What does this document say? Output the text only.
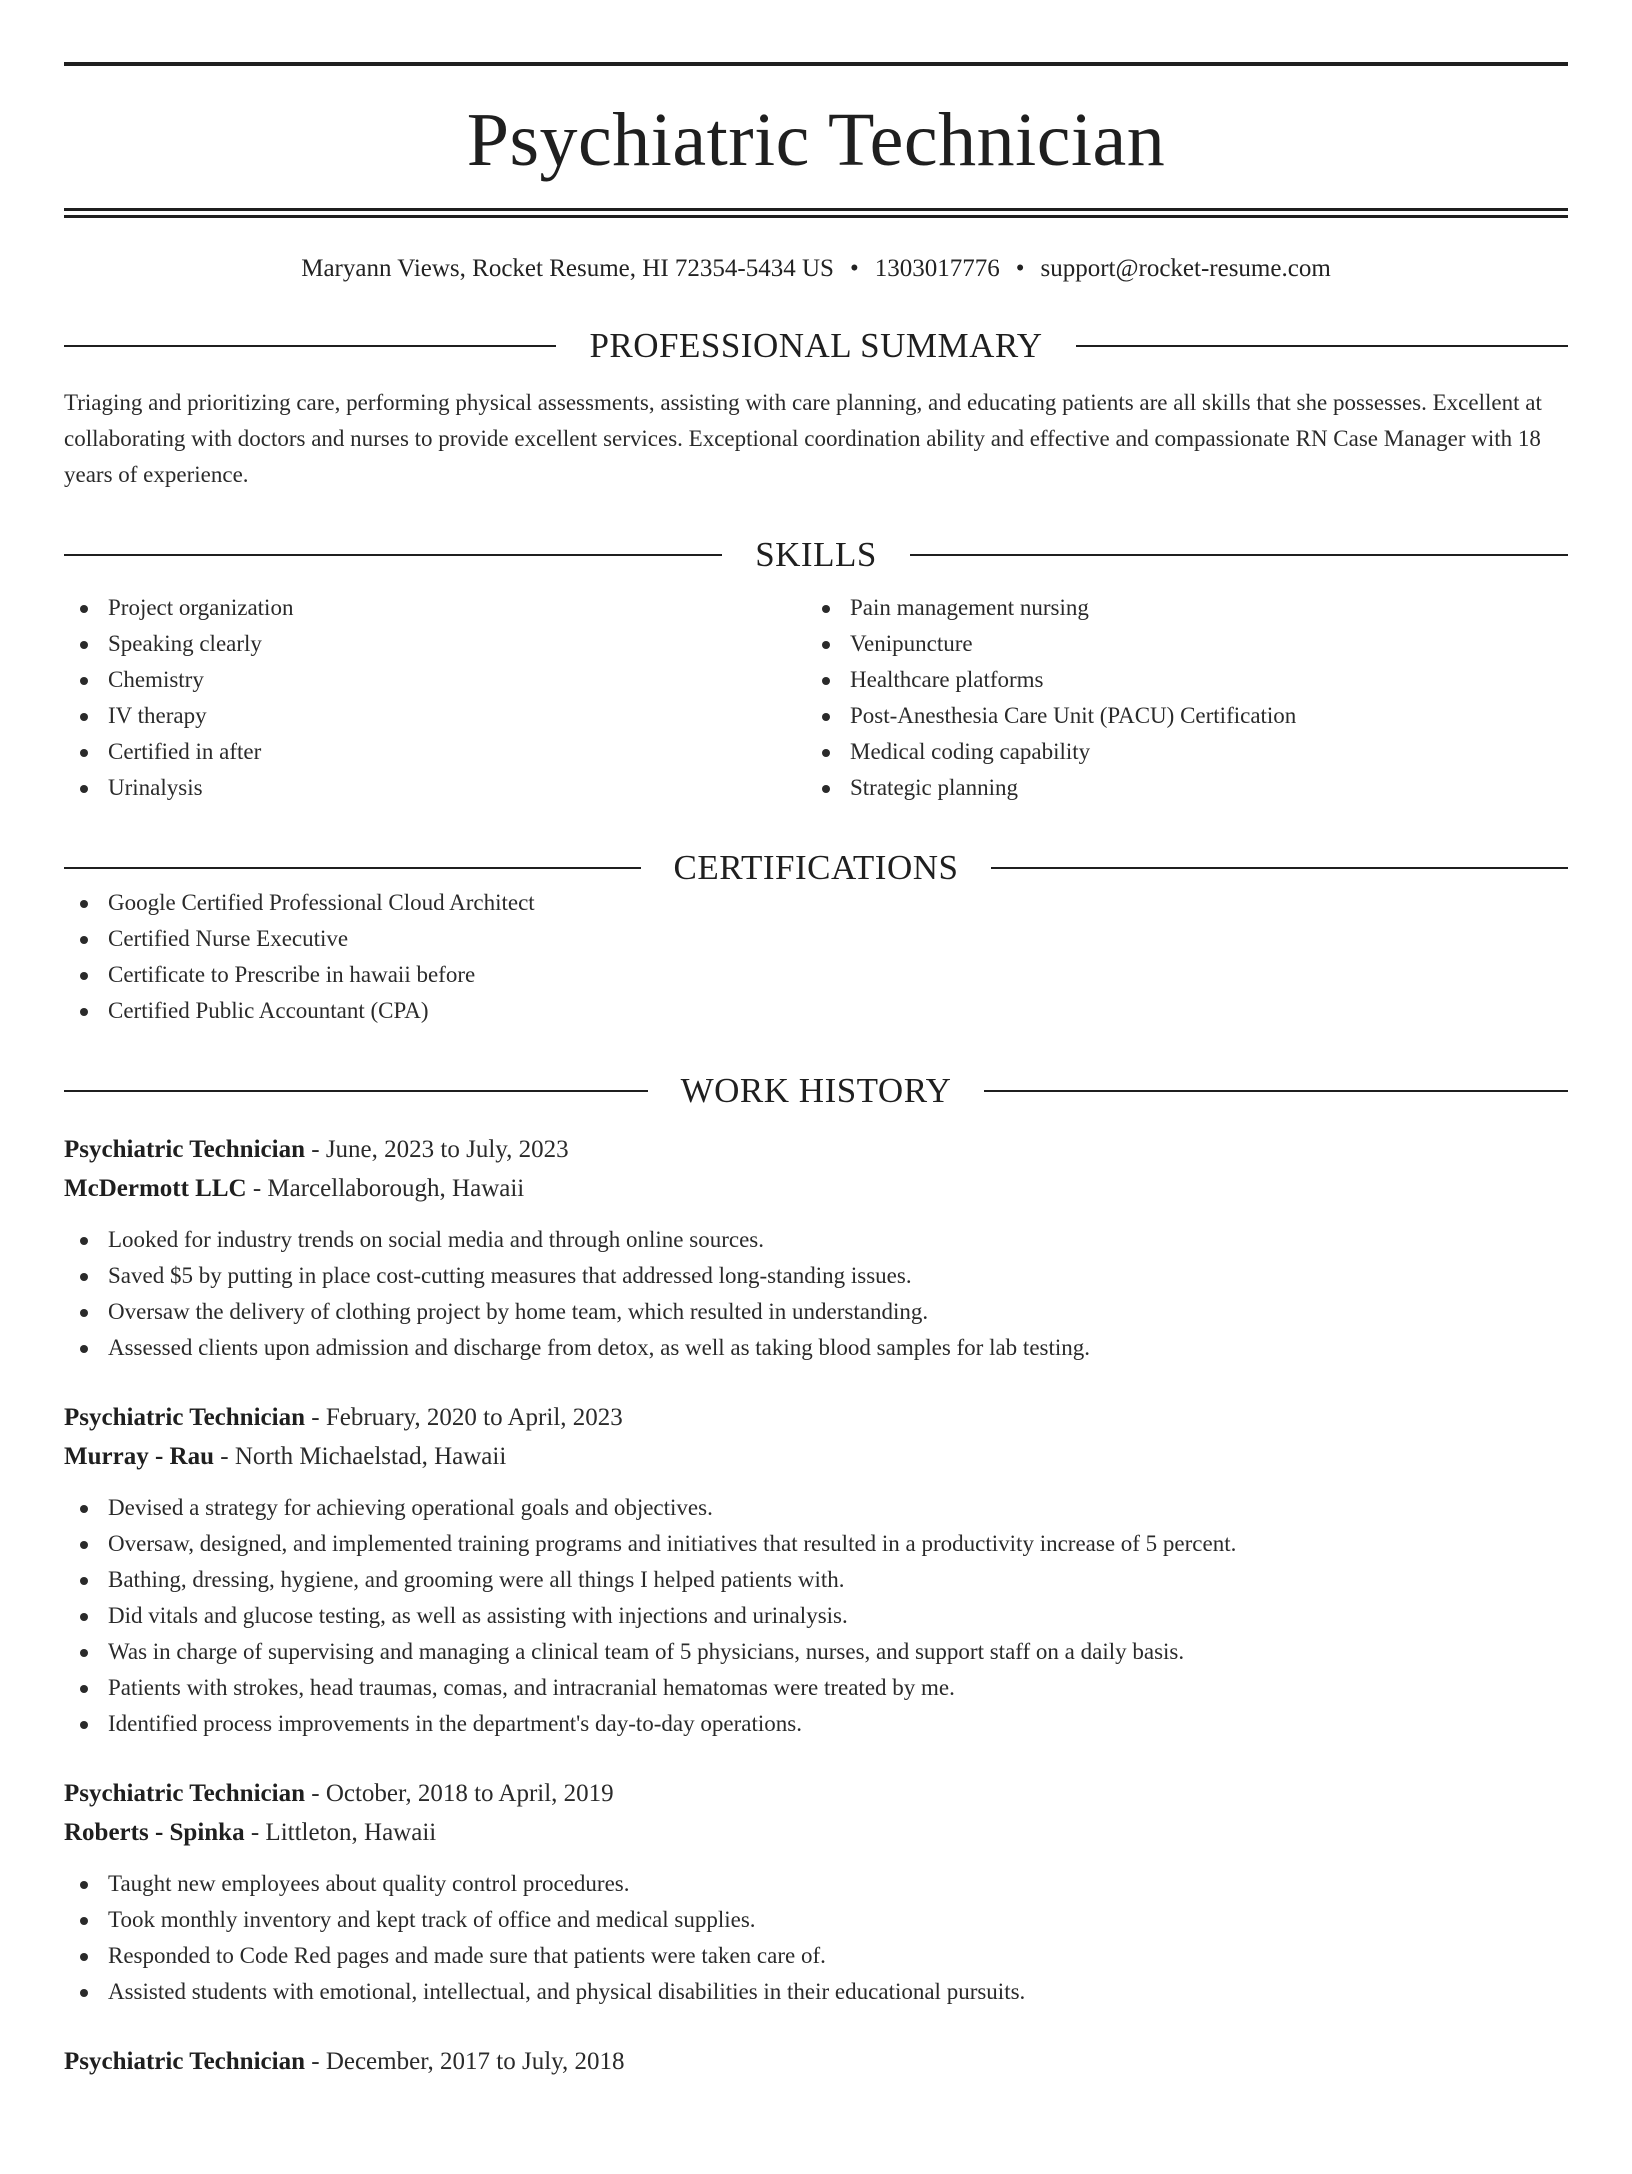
Psychiatric Technician
Maryann Views, Rocket Resume, HI 72354-5434 US • 1303017776 • support@rocket-resume.com
PROFESSIONAL SUMMARY
Triaging and prioritizing care, performing physical assessments, assisting with care planning, and educating patients are all skills that she possesses. Excellent at collaborating with doctors and nurses to provide excellent services. Exceptional coordination ability and effective and compassionate RN Case Manager with 18 years of experience.
SKILLS
Project organization
Speaking clearly
Chemistry
IV therapy
Certified in after
Urinalysis
Pain management nursing
Venipuncture
Healthcare platforms
Post-Anesthesia Care Unit (PACU) Certification
Medical coding capability
Strategic planning
CERTIFICATIONS
Google Certified Professional Cloud Architect
Certified Nurse Executive
Certificate to Prescribe in hawaii before
Certified Public Accountant (CPA)
WORK HISTORY
Psychiatric Technician - June, 2023 to July, 2023
McDermott LLC - Marcellaborough, Hawaii
Looked for industry trends on social media and through online sources.
Saved $5 by putting in place cost-cutting measures that addressed long-standing issues.
Oversaw the delivery of clothing project by home team, which resulted in understanding.
Assessed clients upon admission and discharge from detox, as well as taking blood samples for lab testing.
Psychiatric Technician - February, 2020 to April, 2023
Murray - Rau - North Michaelstad, Hawaii
Devised a strategy for achieving operational goals and objectives.
Oversaw, designed, and implemented training programs and initiatives that resulted in a productivity increase of 5 percent.
Bathing, dressing, hygiene, and grooming were all things I helped patients with.
Did vitals and glucose testing, as well as assisting with injections and urinalysis.
Was in charge of supervising and managing a clinical team of 5 physicians, nurses, and support staff on a daily basis.
Patients with strokes, head traumas, comas, and intracranial hematomas were treated by me.
Identified process improvements in the department's day-to-day operations.
Psychiatric Technician - October, 2018 to April, 2019
Roberts - Spinka - Littleton, Hawaii
Taught new employees about quality control procedures.
Took monthly inventory and kept track of office and medical supplies.
Responded to Code Red pages and made sure that patients were taken care of.
Assisted students with emotional, intellectual, and physical disabilities in their educational pursuits.
Psychiatric Technician - December, 2017 to July, 2018
